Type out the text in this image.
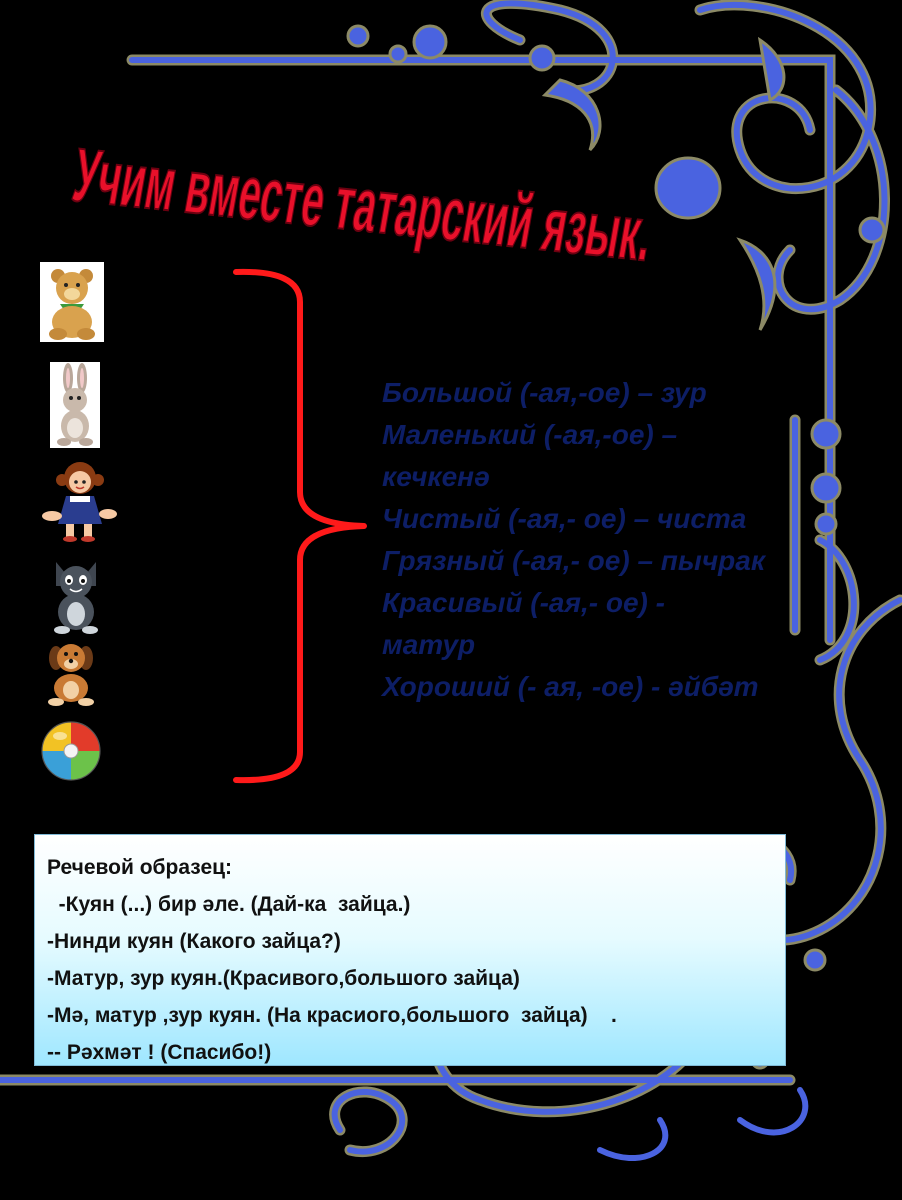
Учим вместе татарский язык.
Большой (-ая,-ое) – зур
Маленький (-ая,-ое) –
кечкенә
Чистый (-ая,- ое) – чиста
Грязный (-ая,- ое) – пычрак
Красивый (-ая,- ое) -
матур
Хороший (- ая, -ое) - әйбәт
Речевой образец:
-Куян (...) бир әле. (Дай-ка  зайца.)
-Нинди куян (Какого зайца?)
-Матур, зур куян.(Красивого,большого зайца)
-Мә, матур ,зур куян. (На красиого,большого  зайца)    .
-- Рәхмәт ! (Спасибо!)
